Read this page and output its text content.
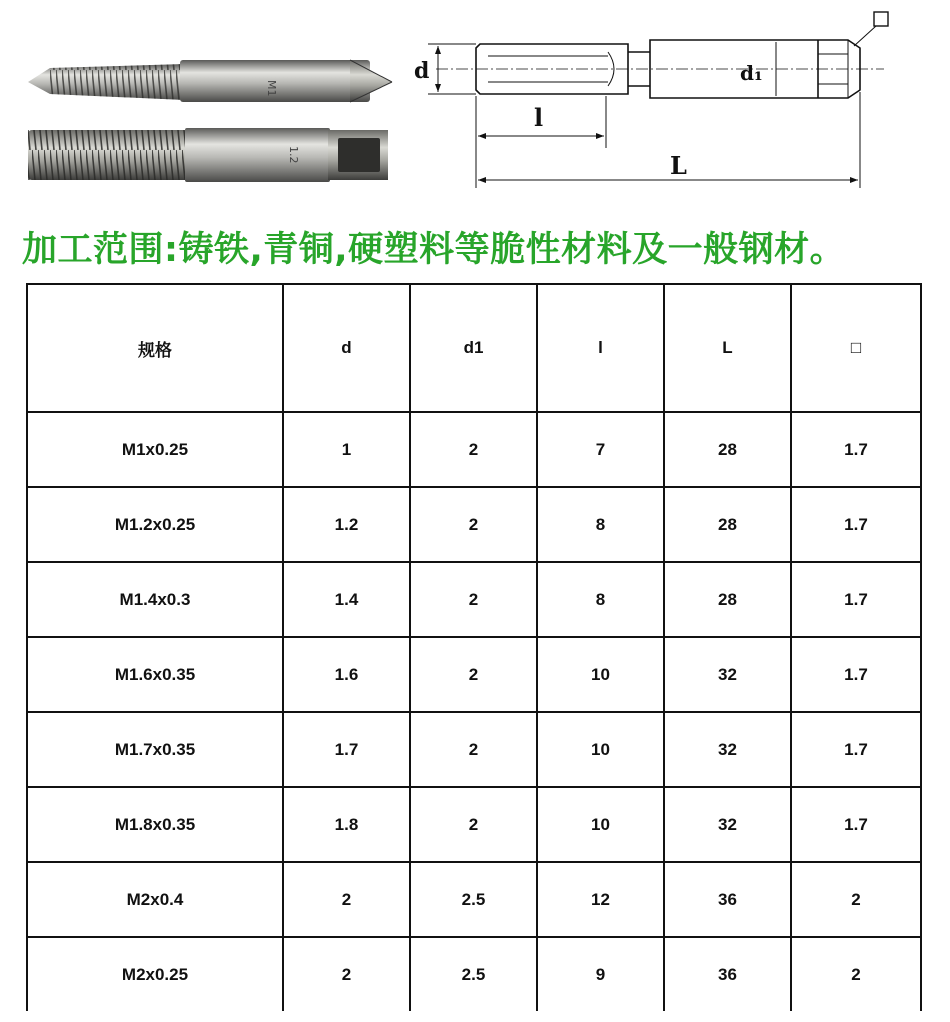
M1
1.2
d	d₁
l
L
加工范围:铸铁,青铜,硬塑料等脆性材料及一般钢材。
规格	d	d1	l	L	□
M1x0.25	1	2	7	28	1.7
M1.2x0.25	1.2	2	8	28	1.7
M1.4x0.3	1.4	2	8	28	1.7
M1.6x0.35	1.6	2	10	32	1.7
M1.7x0.35	1.7	2	10	32	1.7
M1.8x0.35	1.8	2	10	32	1.7
M2x0.4	2	2.5	12	36	2
M2x0.25	2	2.5	9	36	2
